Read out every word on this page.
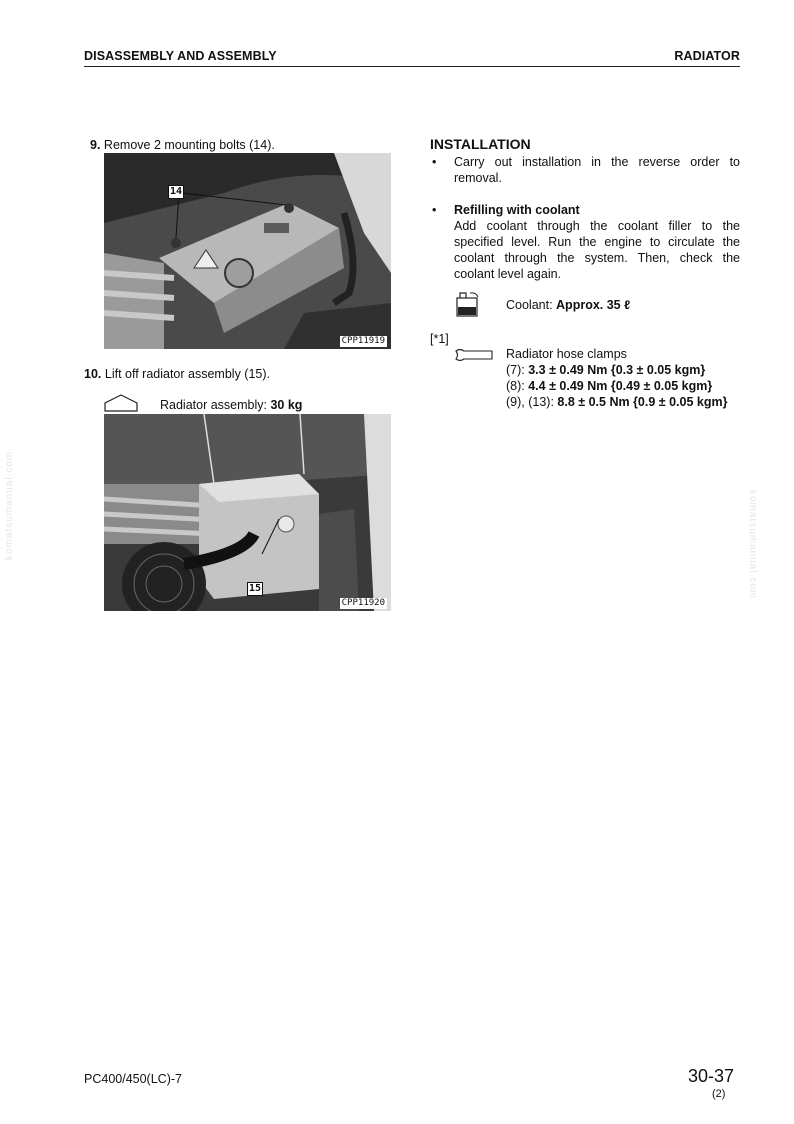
DISASSEMBLY AND ASSEMBLY	RADIATOR
9. Remove 2 mounting bolts (14).
14
CPP11919
10. Lift off radiator assembly (15).
Radiator assembly: 30 kg
15
CPP11920
INSTALLATION
• Carry out installation in the reverse order to removal.
• Refilling with coolant
Add coolant through the coolant filler to the specified level. Run the engine to circulate the coolant through the system. Then, check the coolant level again.
Coolant: Approx. 35 ℓ
[*1]
Radiator hose clamps
(7): 3.3 ± 0.49 Nm {0.3 ± 0.05 kgm}
(8): 4.4 ± 0.49 Nm {0.49 ± 0.05 kgm}
(9), (13): 8.8 ± 0.5 Nm {0.9 ± 0.05 kgm}
komatsumanual.com	komatsumanual.com
PC400/450(LC)-7	30-37
(2)
